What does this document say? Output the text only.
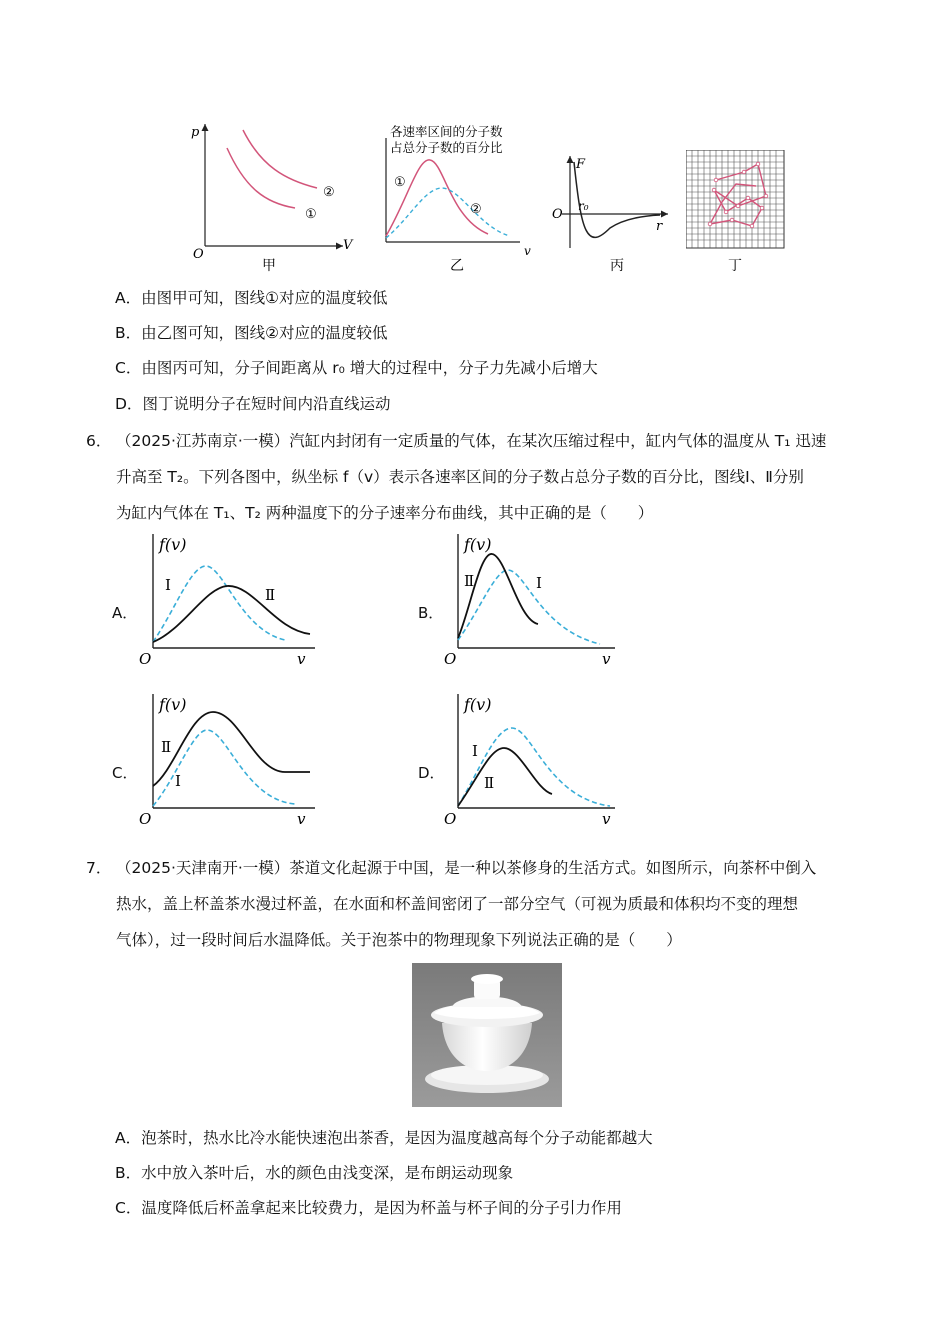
p
V
O
①
②
甲
各速率区间的分子数
占总分子数的百分比
①
②
v
乙
F
O
r₀
r
丙	丁
A．由图甲可知，图线①对应的温度较低
B．由乙图可知，图线②对应的温度较低
C．由图丙可知，分子间距离从 r₀ 增大的过程中，分子力先减小后增大
D．图丁说明分子在短时间内沿直线运动
6． （2025·江苏南京·一模）汽缸内封闭有一定质量的气体，在某次压缩过程中，缸内气体的温度从 T₁ 迅速
升高至 T₂。下列各图中，纵坐标 f（v）表示各速率区间的分子数占总分子数的百分比，图线Ⅰ、Ⅱ分别
为缸内气体在 T₁、T₂ 两种温度下的分子速率分布曲线，其中正确的是（　　）
A．
f(v)
O	v
Ⅰ
Ⅱ
B．
f(v)
O	v
Ⅱ	Ⅰ
C．
f(v)
O	v
Ⅱ
Ⅰ	D．
f(v)
O	v
Ⅰ
Ⅱ
7． （2025·天津南开·一模）茶道文化起源于中国，是一种以茶修身的生活方式。如图所示，向茶杯中倒入
热水，盖上杯盖茶水漫过杯盖，在水面和杯盖间密闭了一部分空气（可视为质最和体积均不变的理想
气体），过一段时间后水温降低。关于泡茶中的物理现象下列说法正确的是（　　）
A．泡茶时，热水比冷水能快速泡出茶香，是因为温度越高每个分子动能都越大
B．水中放入茶叶后，水的颜色由浅变深，是布朗运动现象
C．温度降低后杯盖拿起来比较费力，是因为杯盖与杯子间的分子引力作用
